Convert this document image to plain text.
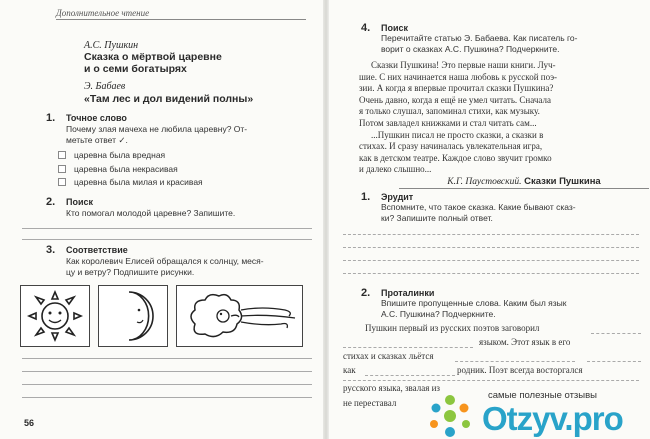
Дополнительное чтение
А.С. Пушкин
Сказка о мёртвой царевне
и о семи богатырях
Э. Бабаев
«Там лес и дол видений полны»
1. Точное слово
Почему злая мачеха не любила царевну? От-
метьте ответ ✓.
царевна была вредная
царевна была некрасивая
царевна была милая и красивая
2. Поиск
Кто помогал молодой царевне? Запишите.
3. Соответствие
Как королевич Елисей обращался к солнцу, меся-
цу и ветру? Подпишите рисунки.
56
4. Поиск
Перечитайте статью Э. Бабаева. Как писатель го-
ворит о сказках А.С. Пушкина? Подчеркните.
Сказки Пушкина! Это первые наши книги. Луч-
шие. С них начинается наша любовь к русской поэ-
зии. А когда я впервые прочитал сказки Пушкина?
Очень давно, когда я ещё не умел читать. Сначала
я только слушал, запоминал стихи, как музыку.
Потом завладел книжками и стал читать сам...
...Пушкин писал не просто сказки, а сказки в
стихах. И сразу начиналась увлекательная игра,
как в детском театре. Каждое слово звучит громко
и далеко слышно...
К.Г. Паустовский. Сказки Пушкина
1. Эрудит
Вспомните, что такое сказка. Какие бывают сказ-
ки? Запишите полный ответ.
2. Проталинки
Впишите пропущенные слова. Каким был язык
А.С. Пушкина? Подчеркните.
Пушкин первый из русских поэтов заговорил
языком. Этот язык в его
стихах и сказках льётся
как	родник. Поэт всегда восторгался
русского языка, звалая из
не переставал
самые полезные отзывы
Otzyv.pro
